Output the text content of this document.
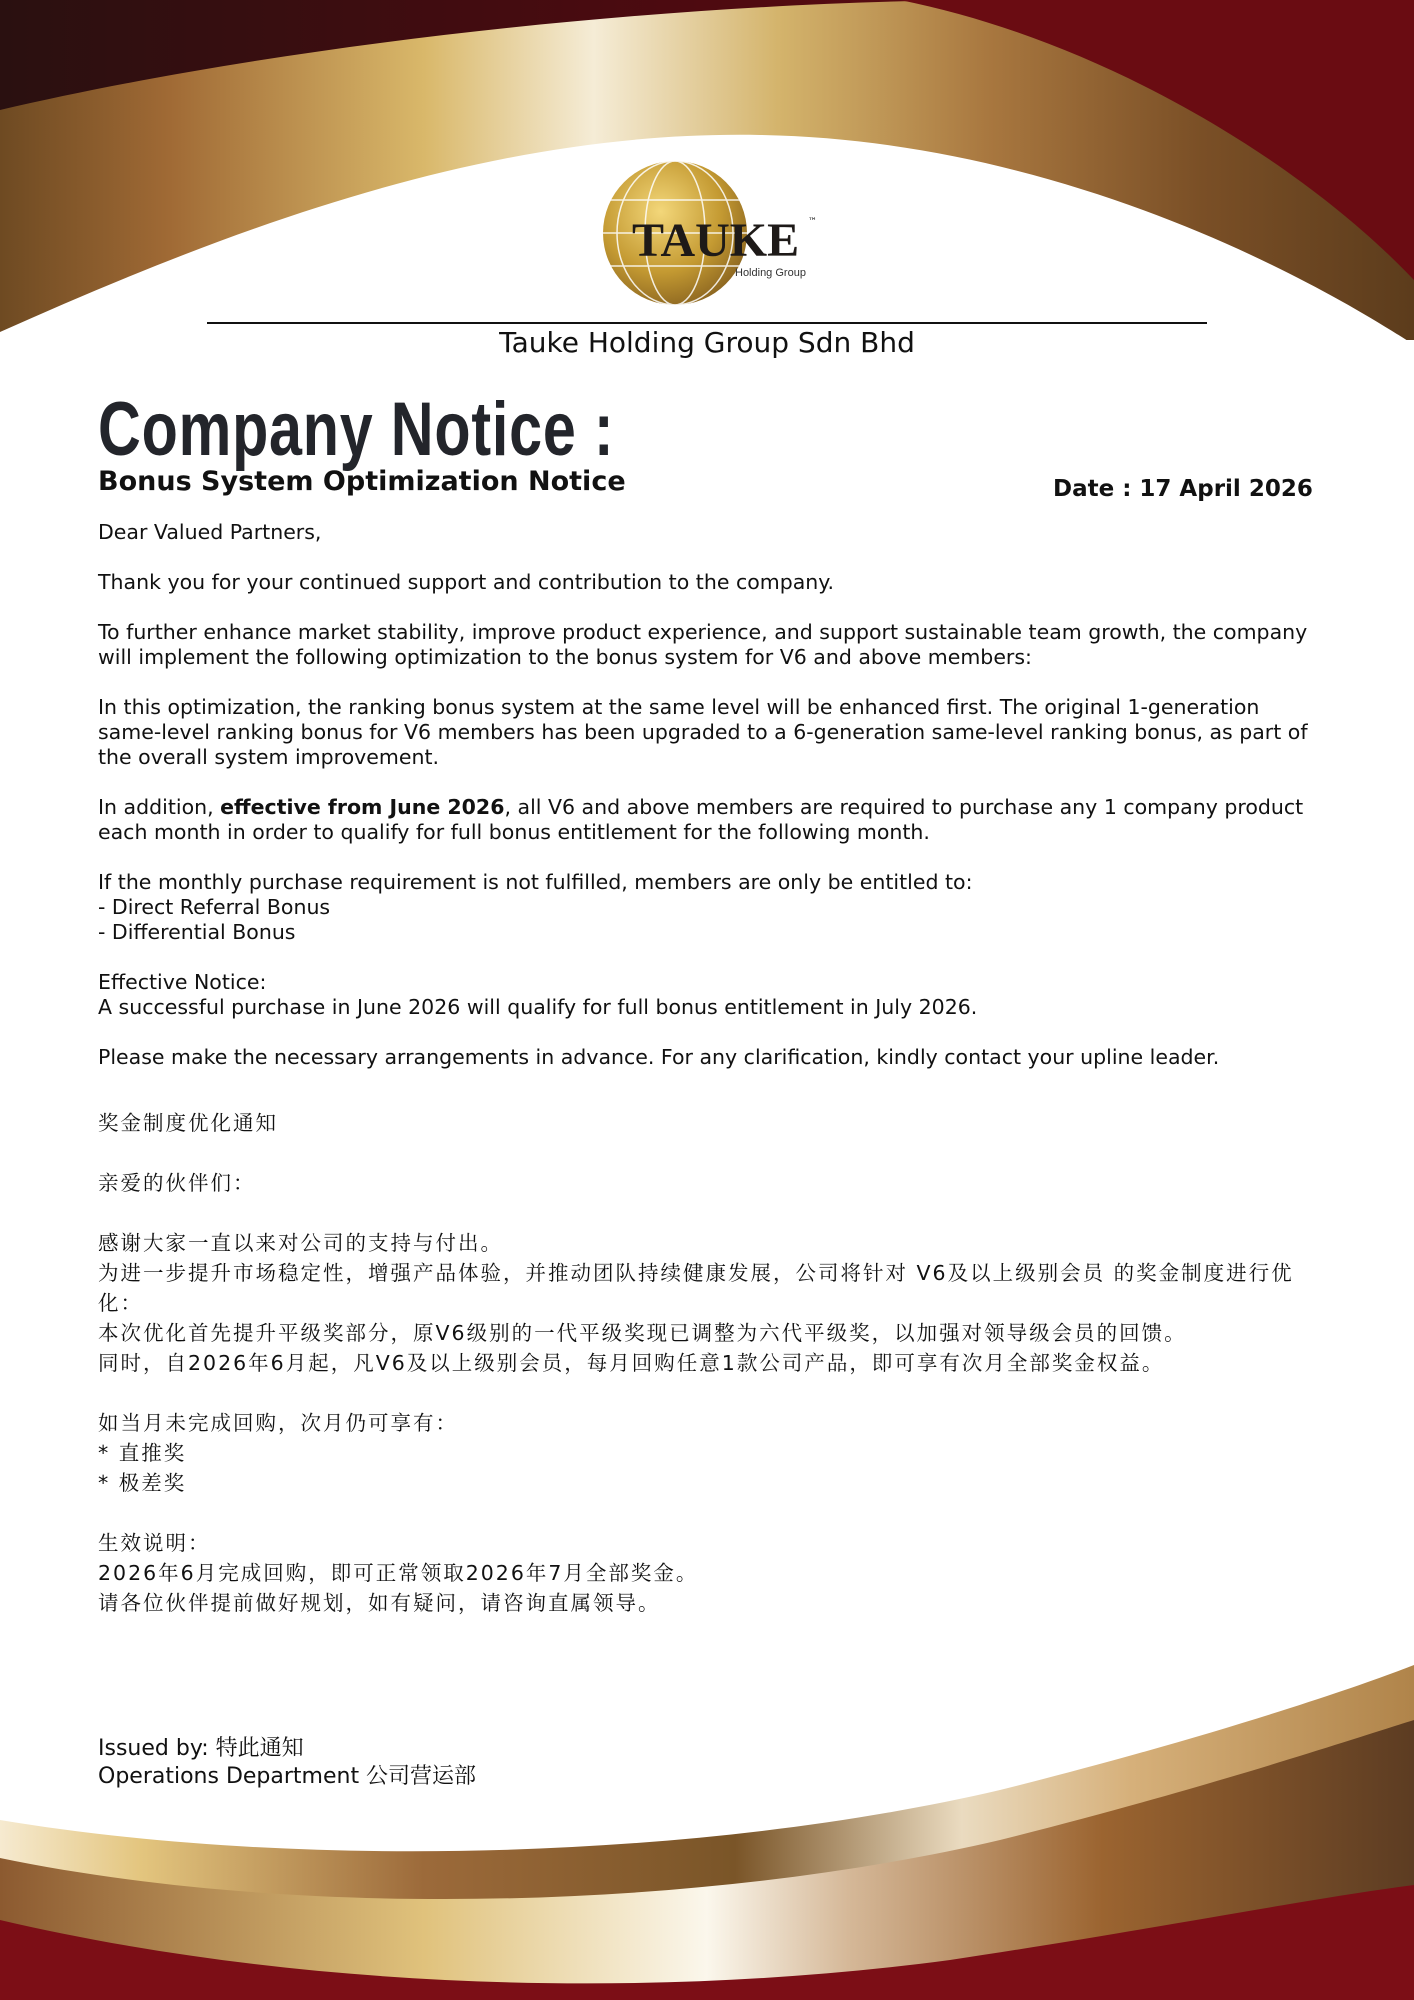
TAUKE ™
Holding Group
Tauke Holding Group Sdn Bhd
Company Notice :
Bonus System Optimization Notice	Date : 17 April 2026

Dear Valued Partners,

Thank you for your continued support and contribution to the company.

To further enhance market stability, improve product experience, and support sustainable team growth, the company will implement the following optimization to the bonus system for V6 and above members:

In this optimization, the ranking bonus system at the same level will be enhanced first. The original 1-generation same-level ranking bonus for V6 members has been upgraded to a 6-generation same-level ranking bonus, as part of the overall system improvement.

In addition, effective from June 2026, all V6 and above members are required to purchase any 1 company product each month in order to qualify for full bonus entitlement for the following month.

If the monthly purchase requirement is not fulfilled, members are only be entitled to:
- Direct Referral Bonus
- Differential Bonus

Effective Notice:
A successful purchase in June 2026 will qualify for full bonus entitlement in July 2026.

Please make the necessary arrangements in advance. For any clarification, kindly contact your upline leader.

奖金制度优化通知

亲爱的伙伴们：

感谢大家一直以来对公司的支持与付出。
为进一步提升市场稳定性，增强产品体验，并推动团队持续健康发展，公司将针对 V6及以上级别会员 的奖金制度进行优化：
本次优化首先提升平级奖部分，原V6级别的一代平级奖现已调整为六代平级奖，以加强对领导级会员的回馈。
同时，自2026年6月起，凡V6及以上级别会员，每月回购任意1款公司产品，即可享有次月全部奖金权益。

如当月未完成回购，次月仍可享有：
* 直推奖
* 极差奖

生效说明：
2026年6月完成回购，即可正常领取2026年7月全部奖金。
请各位伙伴提前做好规划，如有疑问，请咨询直属领导。

Issued by: 特此通知
Operations Department 公司营运部
